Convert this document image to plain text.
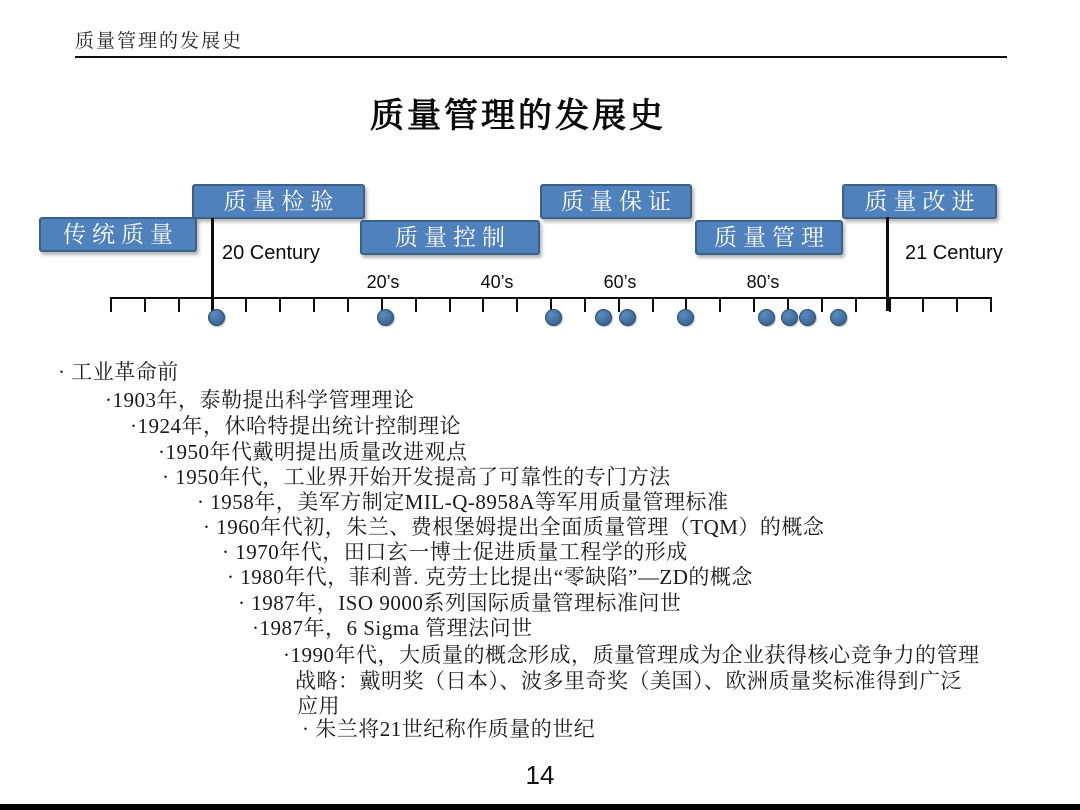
质量管理的发展史
质量管理的发展史
传统质量
质量检验
质量控制
质量保证
质量管理
质量改进
20 Century	21 Century
20’s	40’s	60’s	80’s
· 工业革命前
·1903年，泰勒提出科学管理理论
·1924年，休哈特提出统计控制理论
·1950年代戴明提出质量改进观点
· 1950年代，工业界开始开发提高了可靠性的专门方法
· 1958年，美军方制定MIL-Q-8958A等军用质量管理标准
· 1960年代初，朱兰、费根堡姆提出全面质量管理（TQM）的概念
· 1970年代，田口玄一博士促进质量工程学的形成
· 1980年代，菲利普. 克劳士比提出“零缺陷”—ZD的概念
· 1987年，ISO 9000系列国际质量管理标准问世
·1987年，6 Sigma 管理法问世
·1990年代，大质量的概念形成，质量管理成为企业获得核心竞争力的管理
战略：戴明奖（日本）、波多里奇奖（美国）、欧洲质量奖标准得到广泛
应用
· 朱兰将21世纪称作质量的世纪
14
